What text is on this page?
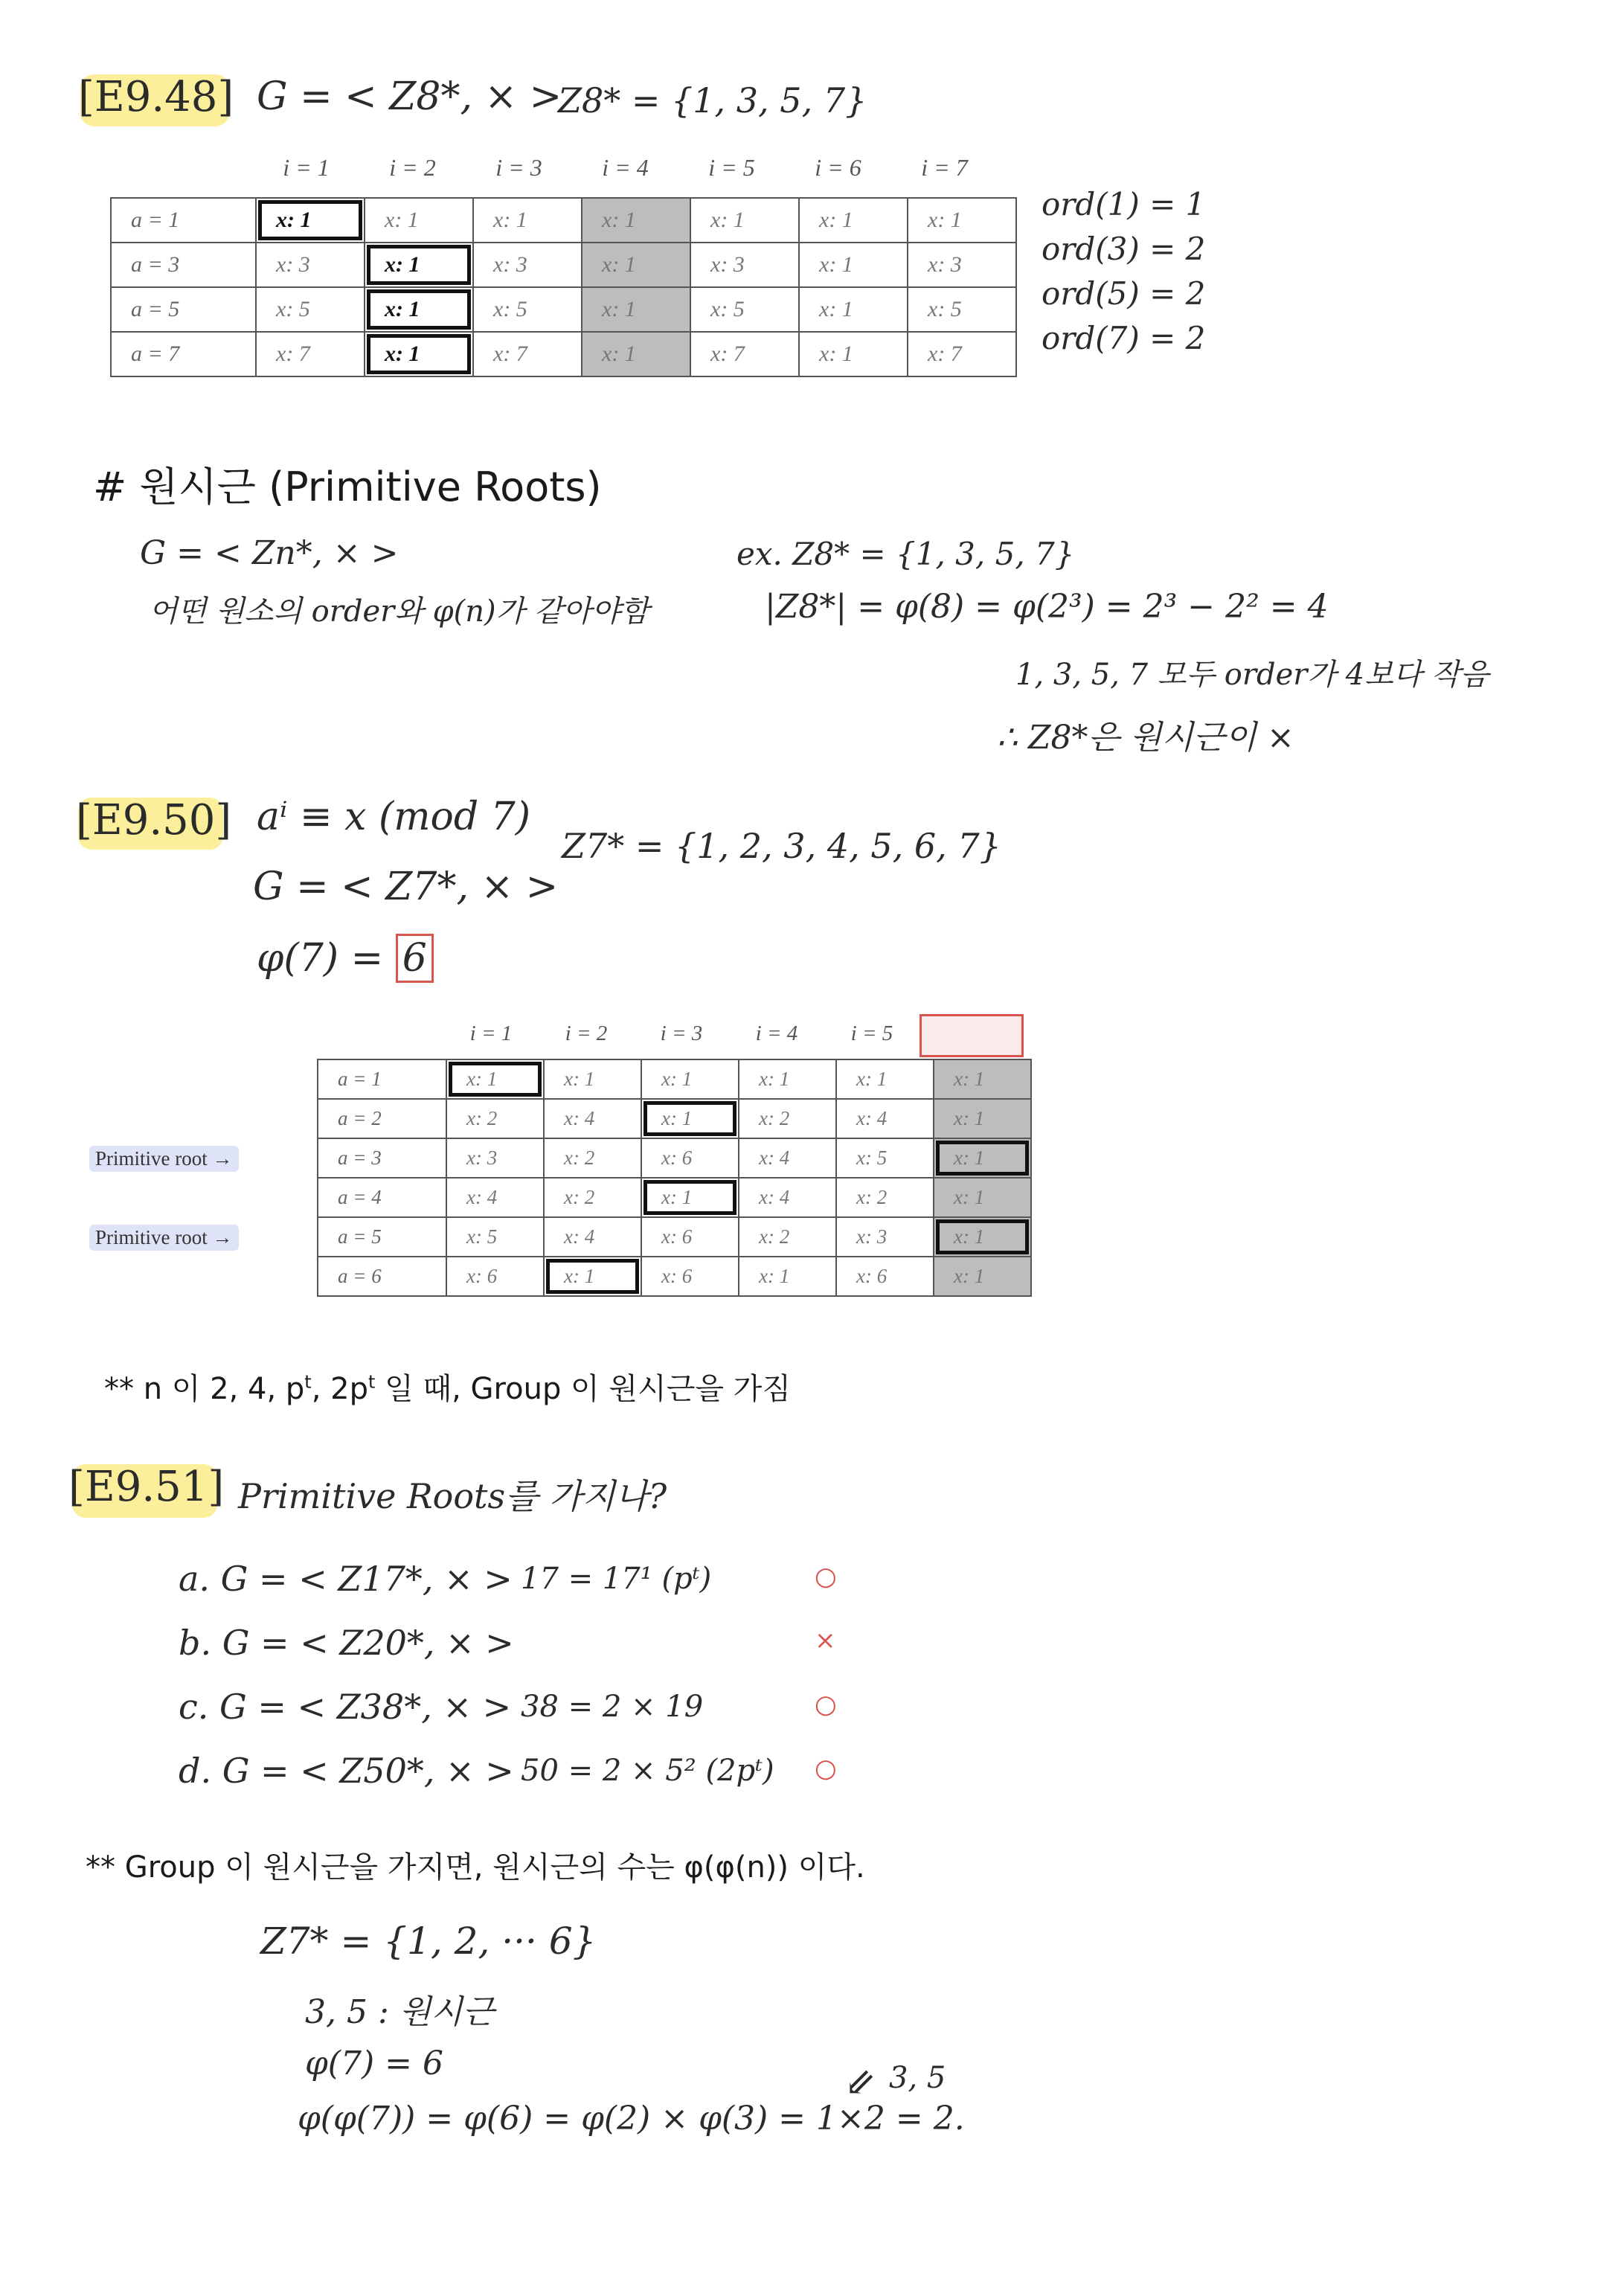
[E9.48] G = < Z8*, × >
Z8* = {1, 3, 5, 7}
i = 1	i = 2	i = 3	i = 4	i = 5	i = 6	i = 7
a = 1	x: 1	x: 1	x: 1	x: 1	x: 1	x: 1	x: 1
a = 3	x: 3	x: 1	x: 3	x: 1	x: 3	x: 1	x: 3
a = 5	x: 5	x: 1	x: 5	x: 1	x: 5	x: 1	x: 5
a = 7	x: 7	x: 1	x: 7	x: 1	x: 7	x: 1	x: 7
ord(1) = 1
ord(3) = 2
ord(5) = 2
ord(7) = 2
# 원시근 (Primitive Roots)
G = < Zn*, × >
어떤 원소의 order와 φ(n)가 같아야함
ex. Z8* = {1, 3, 5, 7}
|Z8*| = φ(8) = φ(2³) = 2³ − 2² = 4
1, 3, 5, 7 모두 order가 4보다 작음
∴ Z8*은 원시근이 ×
[E9.50] aⁱ ≡ x (mod 7)
Z7* = {1, 2, 3, 4, 5, 6, 7}
G = < Z7*, × >
φ(7) = 6
i = 1	i = 2	i = 3	i = 4	i = 5
a = 1	x: 1	x: 1	x: 1	x: 1	x: 1	x: 1
a = 2	x: 2	x: 4	x: 1	x: 2	x: 4	x: 1
a = 3	x: 3	x: 2	x: 6	x: 4	x: 5	x: 1
a = 4	x: 4	x: 2	x: 1	x: 4	x: 2	x: 1
a = 5	x: 5	x: 4	x: 6	x: 2	x: 3	x: 1
a = 6	x: 6	x: 1	x: 6	x: 1	x: 6	x: 1
Primitive root →
Primitive root →
** n 이 2, 4, $p^t$, $2p^t$ 일 때, Group 이 원시근을 가짐
[E9.51] Primitive Roots를 가지나?
a. G = < Z17*, × > 17 = 17¹ (pᵗ)	○
b. G = < Z20*, × >	×
c. G = < Z38*, × > 38 = 2 × 19	○
d. G = < Z50*, × > 50 = 2 × 5² (2pᵗ) ○
** Group 이 원시근을 가지면, 원시근의 수는 φ(φ(n)) 이다.
Z7* = {1, 2, ··· 6}
3, 5 : 원시근
φ(7) = 6
φ(φ(7)) = φ(6) = φ(2) × φ(3) = 1×2 = 2.
⇙ 3, 5
